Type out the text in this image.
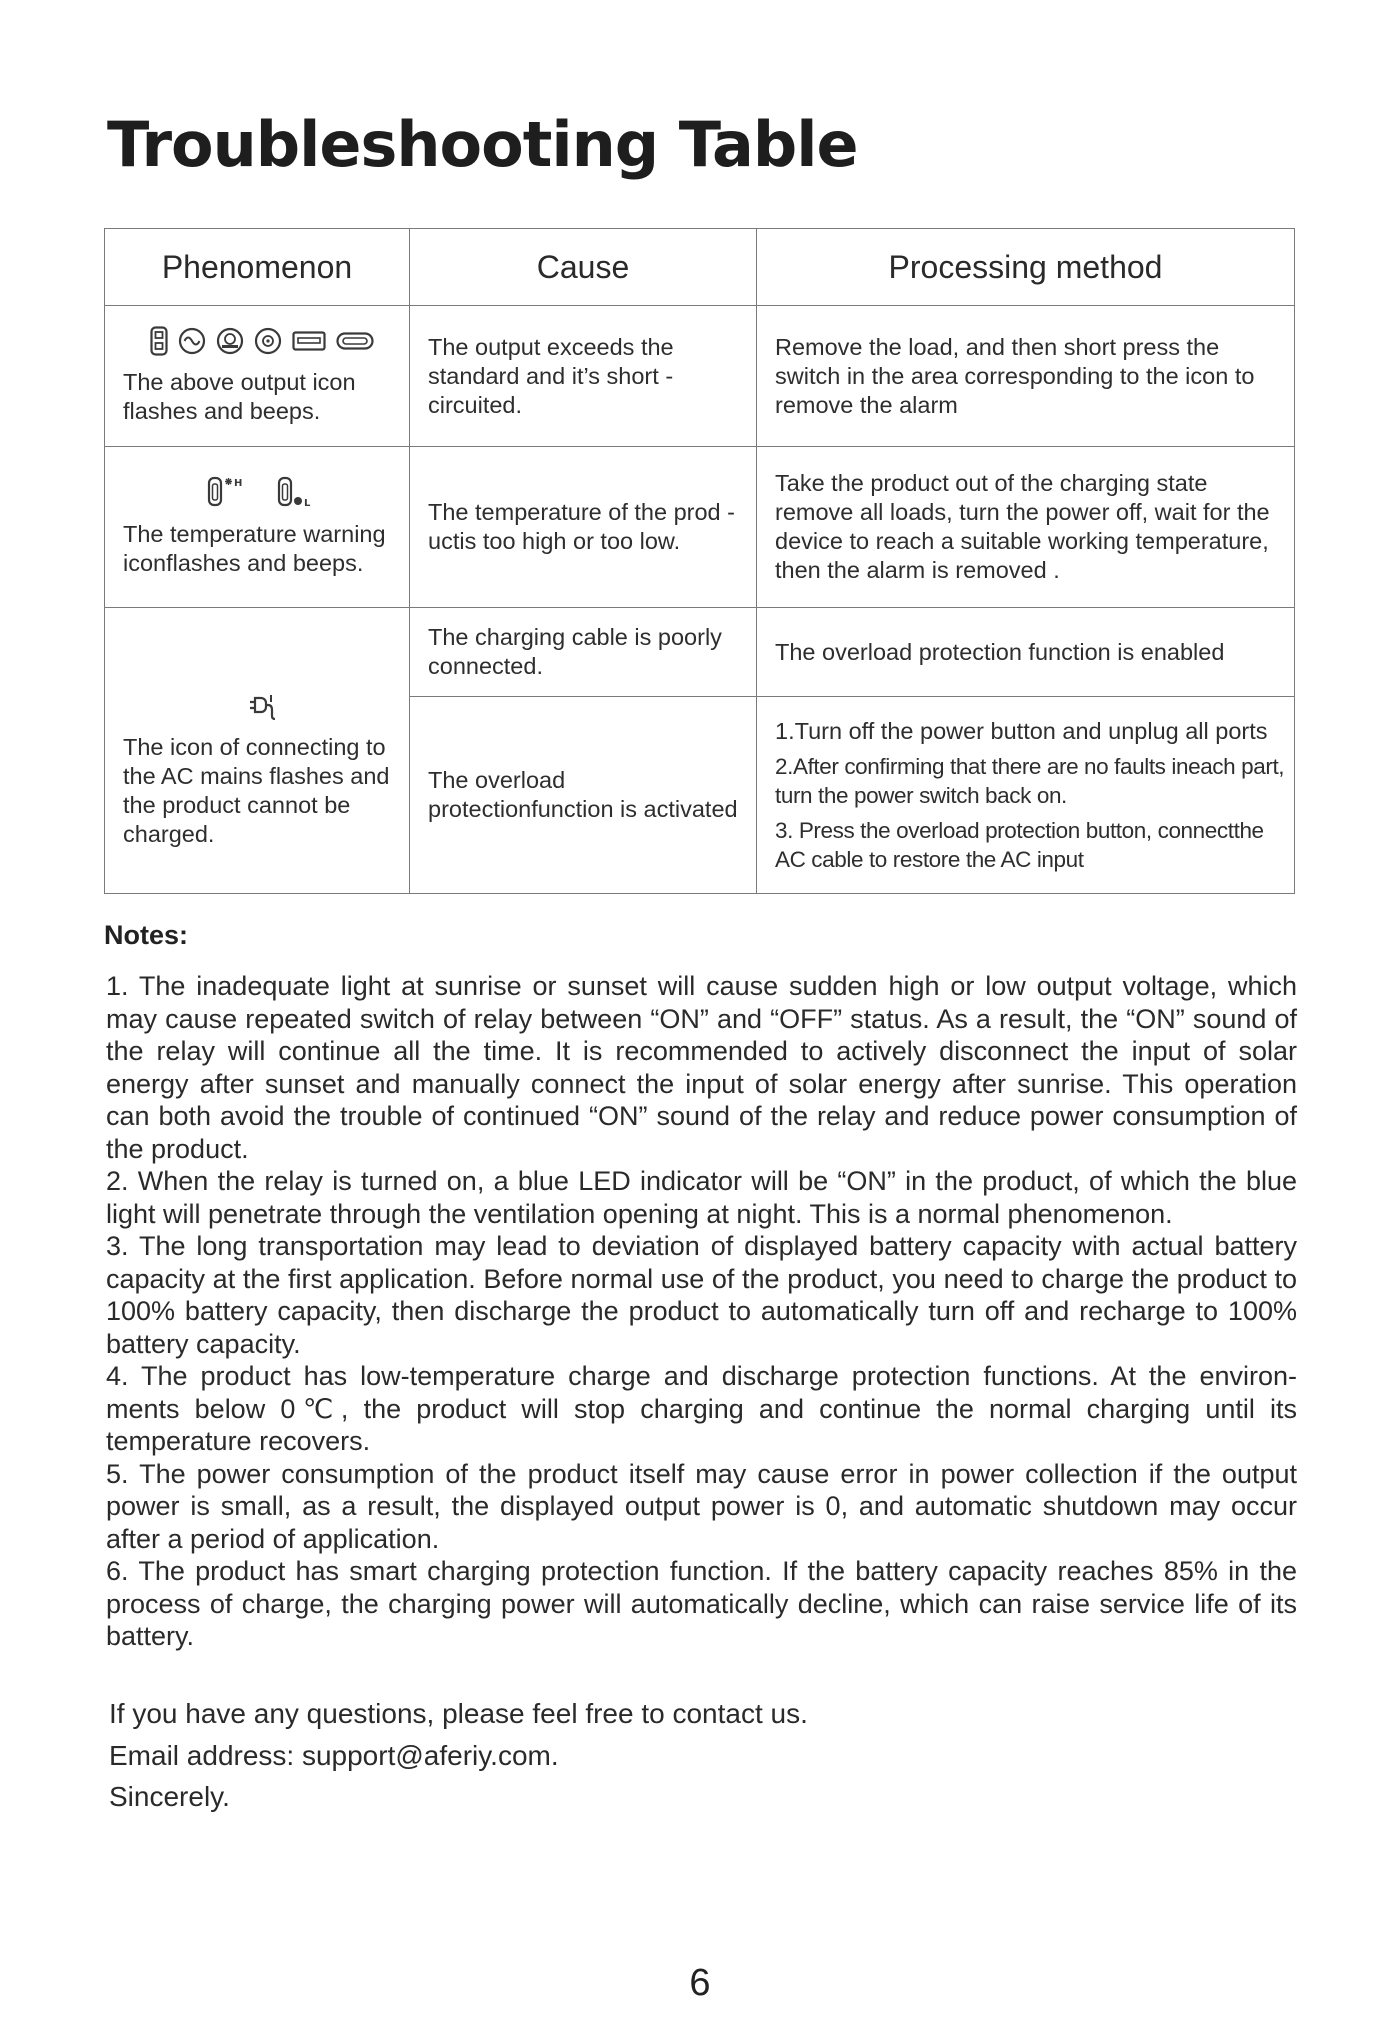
Troubleshooting Table
Phenomenon	Cause	Processing method

The above output icon flashes and beeps.	The output exceeds the standard and it’s short -circuited.	Remove the load, and then short press the switch in the area corresponding to the icon to remove the alarm

H
L
The temperature warning iconflashes and beeps.	The temperature of the prod -uctis too high or too low.	Take the product out of the charging state remove all loads, turn the power off, wait for the device to reach a suitable working temperature, then the alarm is removed .

The icon of connecting to the AC mains flashes and the product cannot be charged.	The charging cable is poorly connected.	The overload protection function is enabled
	The overload protectionfunction is activated	1.Turn off the power button and unplug all ports
2.After confirming that there are no faults ineach part, turn the power switch back on.
3. Press the overload protection button, connectthe AC cable to restore the AC input
Notes:
1. The inadequate light at sunrise or sunset will cause sudden high or low output voltage, which may cause repeated switch of relay between “ON” and “OFF” status. As a result, the “ON” sound of the relay will continue all the time. It is recommended to actively disconnect the input of solar energy after sunset and manually connect the input of solar energy after sunrise. This operation can both avoid the trouble of continued “ON” sound of the relay and reduce power consumption of the product.
2. When the relay is turned on, a blue LED indicator will be “ON” in the product, of which the blue light will penetrate through the ventilation opening at night. This is a normal phenomenon.
3. The long transportation may lead to deviation of displayed battery capacity with actual battery capacity at the first application. Before normal use of the product, you need to charge the product to 100% battery capacity, then discharge the product to automatically turn off and recharge to 100% battery capacity.
4. The product has low-temperature charge and discharge protection functions. At the environ-ments below 0℃, the product will stop charging and continue the normal charging until its temperature recovers.
5. The power consumption of the product itself may cause error in power collection if the output power is small, as a result, the displayed output power is 0, and automatic shutdown may occur after a period of application.
6. The product has smart charging protection function. If the battery capacity reaches 85% in the process of charge, the charging power will automatically decline, which can raise service life of its battery.
If you have any questions, please feel free to contact us.
Email address: support@aferiy.com.
Sincerely.
6
